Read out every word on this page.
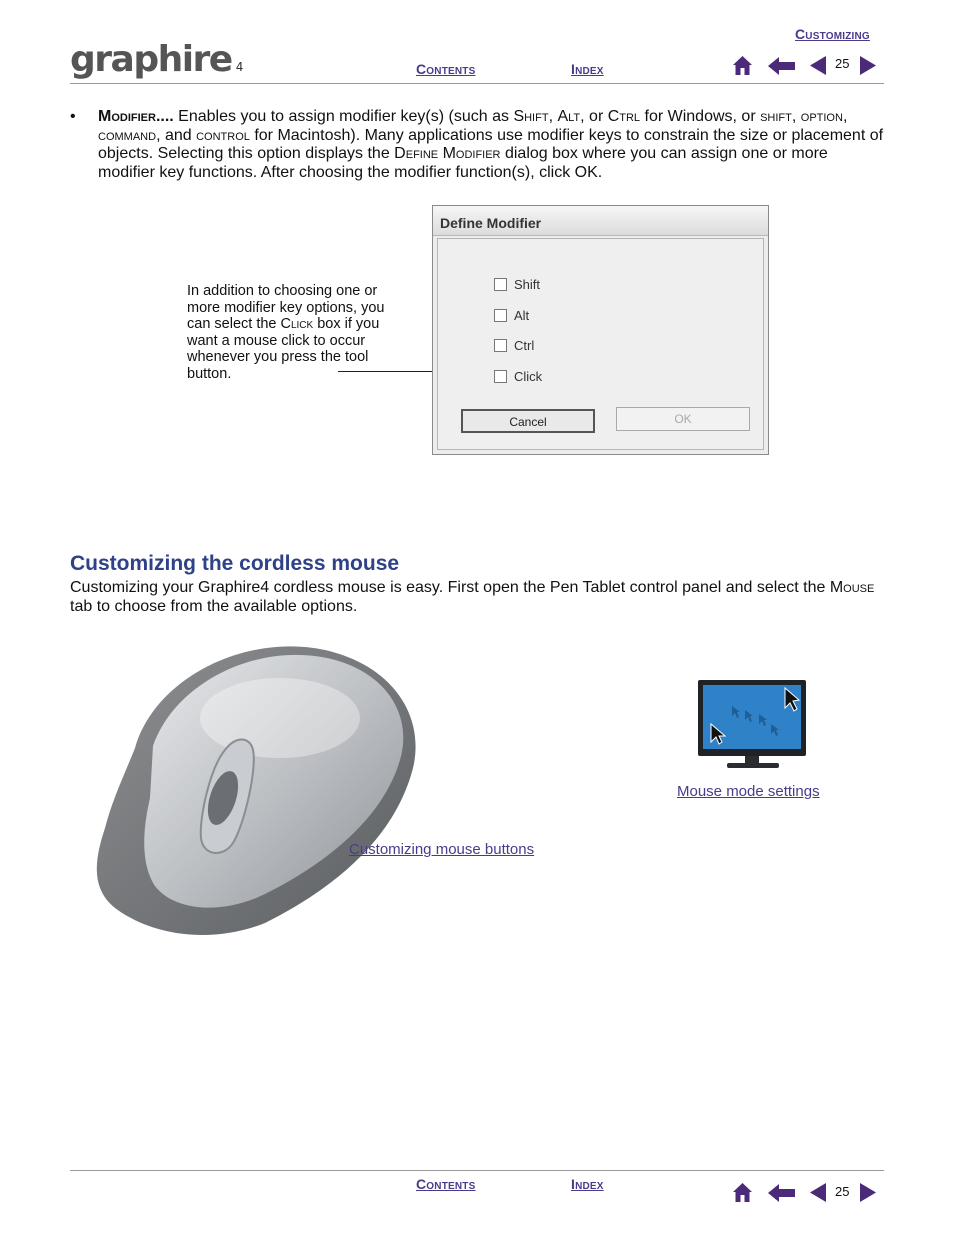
graphire 4
Customizing
Contents	Index	25
• Modifier.... Enables you to assign modifier key(s) (such as Shift, Alt, or Ctrl for Windows, or shift, option, command, and control for Macintosh). Many applications use modifier keys to constrain the size or placement of objects. Selecting this option displays the Define Modifier dialog box where you can assign one or more modifier key functions. After choosing the modifier function(s), click OK.
In addition to choosing one or more modifier key options, you can select the Click box if you want a mouse click to occur whenever you press the tool button.
Define Modifier
Shift
Alt
Ctrl
Click
Cancel	OK
Customizing the cordless mouse
Customizing your Graphire4 cordless mouse is easy. First open the Pen Tablet control panel and select the Mouse tab to choose from the available options.
Customizing mouse buttons
Mouse mode settings
Contents	Index	25
